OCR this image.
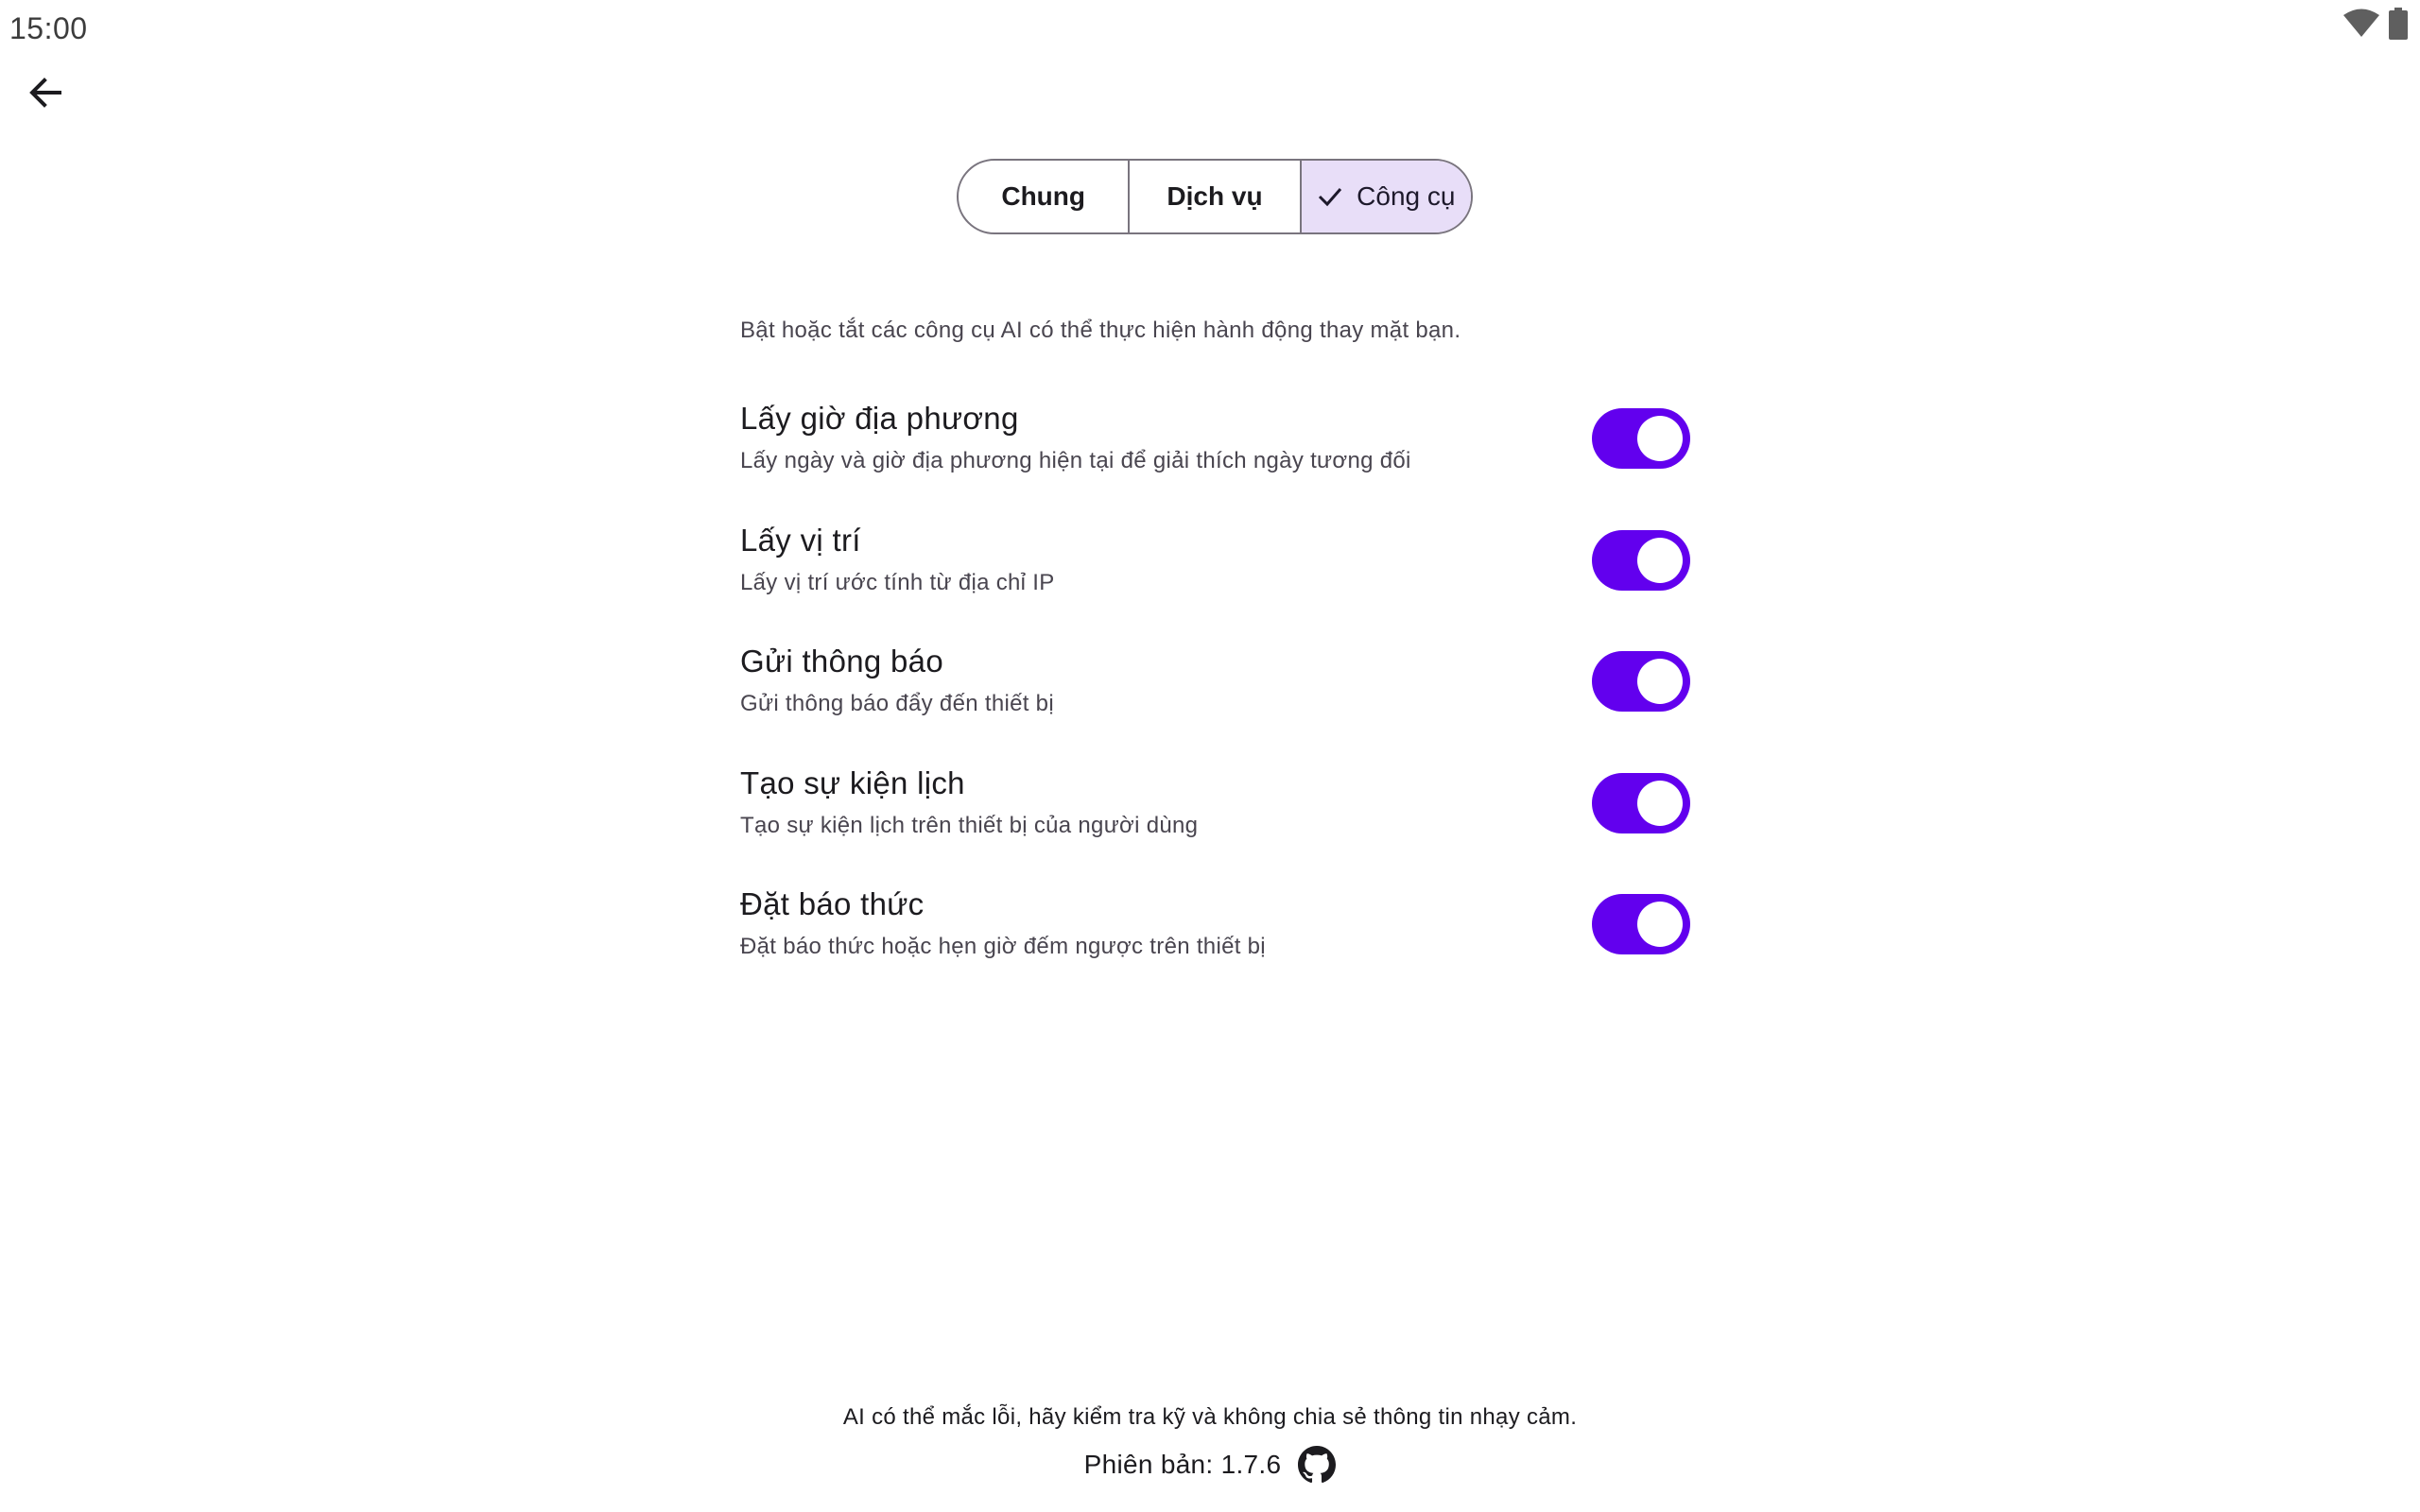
15:00
Chung	Dịch vụ	Công cụ
Bật hoặc tắt các công cụ AI có thể thực hiện hành động thay mặt bạn.
Lấy giờ địa phương
Lấy ngày và giờ địa phương hiện tại để giải thích ngày tương đối
Lấy vị trí
Lấy vị trí ước tính từ địa chỉ IP
Gửi thông báo
Gửi thông báo đẩy đến thiết bị
Tạo sự kiện lịch
Tạo sự kiện lịch trên thiết bị của người dùng
Đặt báo thức
Đặt báo thức hoặc hẹn giờ đếm ngược trên thiết bị
AI có thể mắc lỗi, hãy kiểm tra kỹ và không chia sẻ thông tin nhạy cảm.
Phiên bản: 1.7.6
